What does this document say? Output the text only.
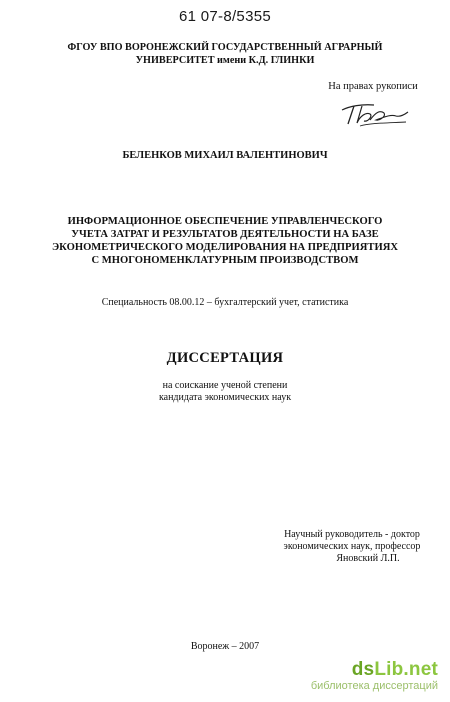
61 07-8/5355
ФГОУ ВПО ВОРОНЕЖСКИЙ ГОСУДАРСТВЕННЫЙ АГРАРНЫЙ
УНИВЕРСИТЕТ имени К.Д. ГЛИНКИ
На правах рукописи
БЕЛЕНКОВ МИХАИЛ ВАЛЕНТИНОВИЧ
ИНФОРМАЦИОННОЕ ОБЕСПЕЧЕНИЕ УПРАВЛЕНЧЕСКОГО
УЧЕТА ЗАТРАТ И РЕЗУЛЬТАТОВ ДЕЯТЕЛЬНОСТИ НА БАЗЕ
ЭКОНОМЕТРИЧЕСКОГО МОДЕЛИРОВАНИЯ НА ПРЕДПРИЯТИЯХ
С МНОГОНОМЕНКЛАТУРНЫМ ПРОИЗВОДСТВОМ
Специальность 08.00.12 – бухгалтерский учет, статистика
ДИССЕРТАЦИЯ
на соискание ученой степени
кандидата экономических наук
Научный руководитель - доктор
экономических наук, профессор
Яновский Л.П.
Воронеж – 2007
dsLib.net
библиотека диссертаций
